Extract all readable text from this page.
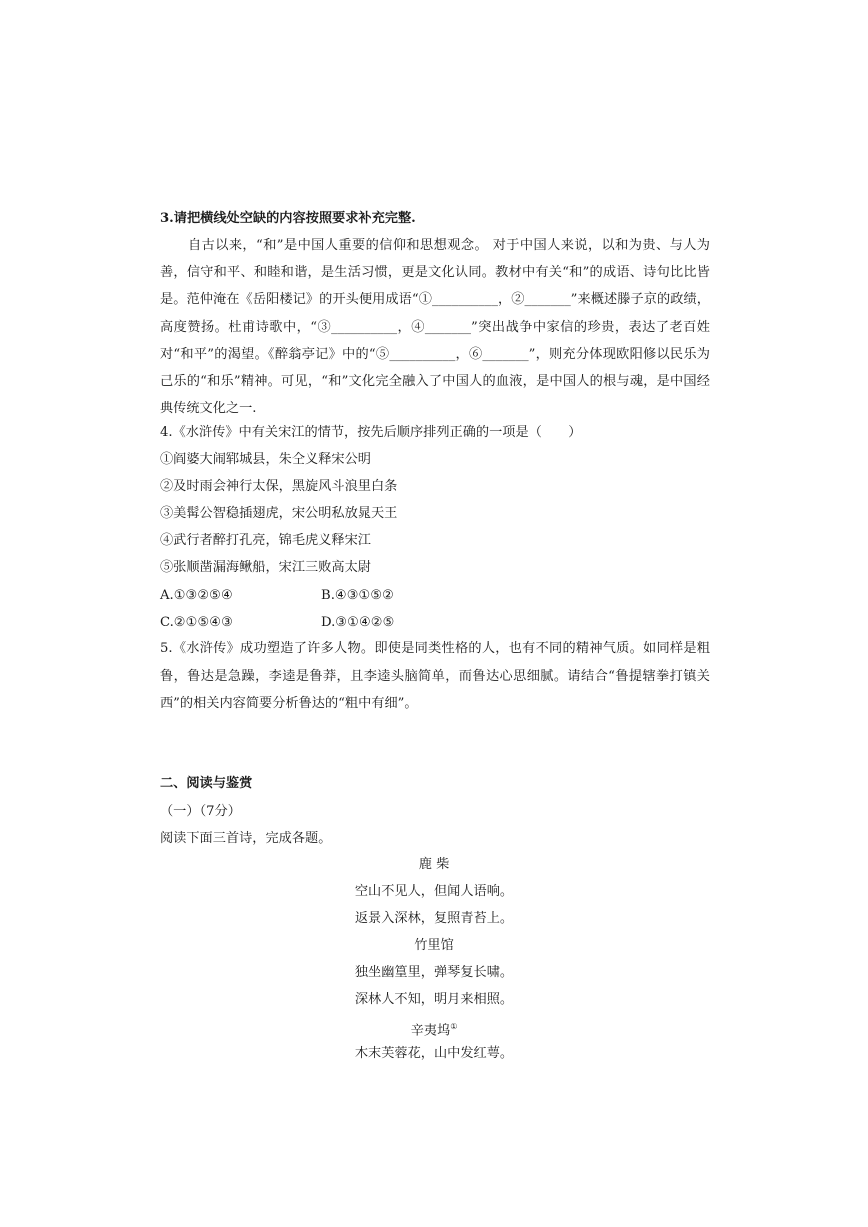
3.请把横线处空缺的内容按照要求补充完整.
自古以来，“和”是中国人重要的信仰和思想观念。 对于中国人来说，以和为贵、与人为善，信守和平、和睦和谐，是生活习惯，更是文化认同。教材中有关“和”的成语、诗句比比皆是。范仲淹在《岳阳楼记》的开头便用成语“①__________，②_______”来概述滕子京的政绩，高度赞扬。杜甫诗歌中，“③__________，④_______”突出战争中家信的珍贵，表达了老百姓对“和平”的渴望。《醉翁亭记》中的“⑤__________，⑥_______”，则充分体现欧阳修以民乐为己乐的“和乐”精神。可见，“和”文化完全融入了中国人的血液，是中国人的根与魂，是中国经典传统文化之一.
4.《水浒传》中有关宋江的情节，按先后顺序排列正确的一项是（　　）
①阎婆大闹郓城县，朱仝义释宋公明
②及时雨会神行太保，黑旋风斗浪里白条
③美髯公智稳插翅虎，宋公明私放晁天王
④武行者醉打孔亮，锦毛虎义释宋江
⑤张顺凿漏海鳅船，宋江三败高太尉
A.①③②⑤④	B.④③①⑤②
C.②①⑤④③	D.③①④②⑤
5.《水浒传》成功塑造了许多人物。即使是同类性格的人，也有不同的精神气质。如同样是粗鲁，鲁达是急躁，李逵是鲁莽，且李逵头脑简单，而鲁达心思细腻。请结合“鲁提辖拳打镇关西”的相关内容简要分析鲁达的“粗中有细”。
二、阅读与鉴赏
（一）（7分）
阅读下面三首诗，完成各题。
鹿 柴
空山不见人，但闻人语响。
返景入深林，复照青苔上。
竹里馆
独坐幽篁里，弹琴复长啸。
深林人不知，明月来相照。
辛夷坞①
木末芙蓉花，山中发红萼。
